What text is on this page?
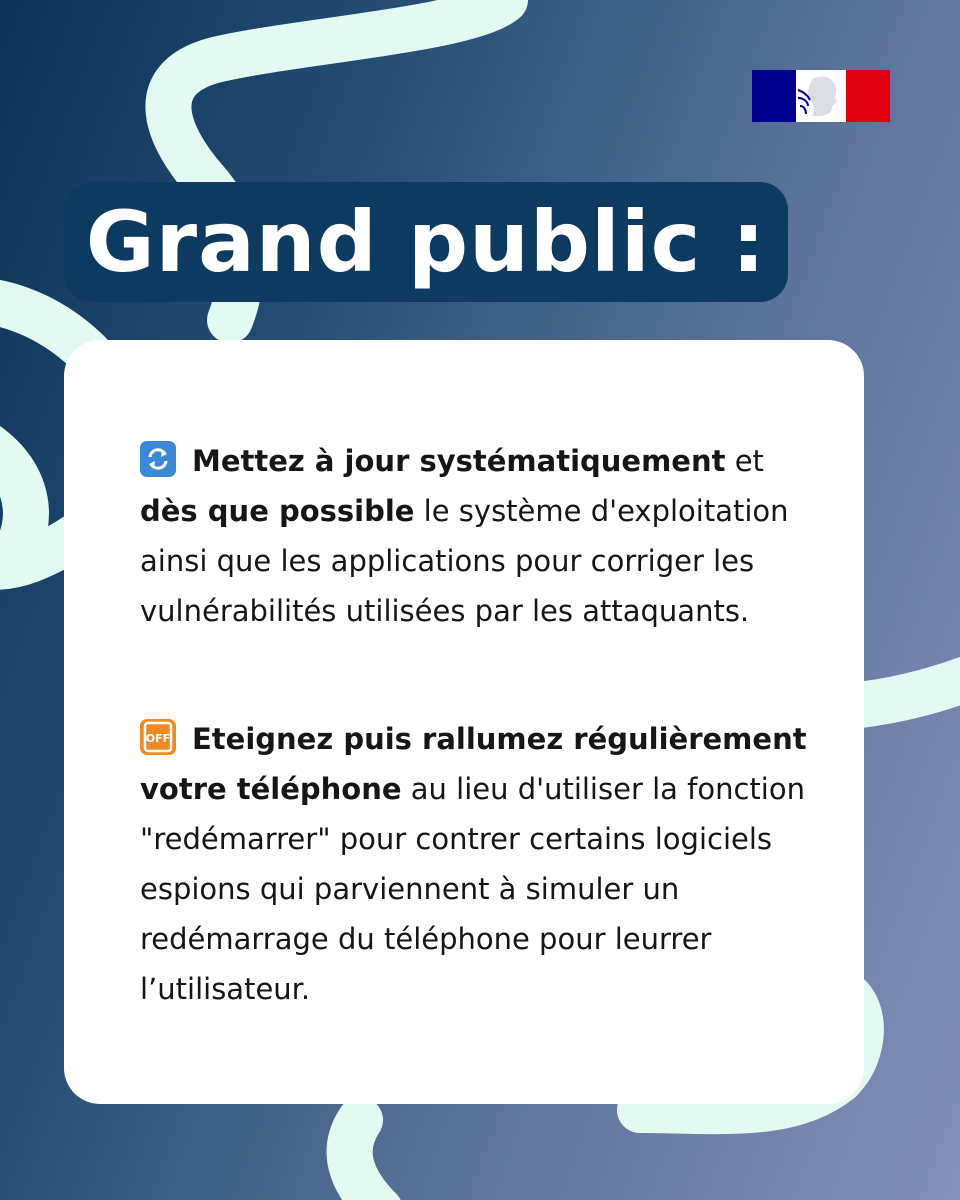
Grand public :
Mettez à jour systématiquement et dès que possible le système d'exploitation ainsi que les applications pour corriger les vulnérabilités utilisées par les attaquants.
OFF Eteignez puis rallumez régulièrement votre téléphone au lieu d'utiliser la fonction "redémarrer" pour contrer certains logiciels espions qui parviennent à simuler un redémarrage du téléphone pour leurrer l’utilisateur.
